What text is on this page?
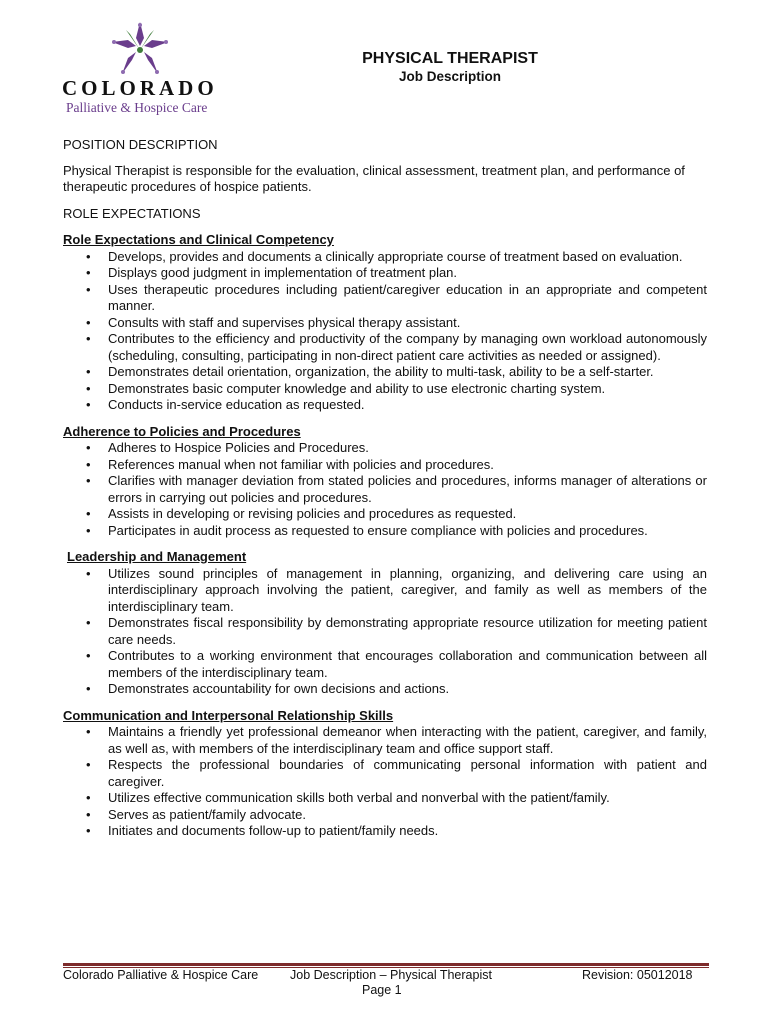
COLORADO
Palliative & Hospice Care
PHYSICAL THERAPIST
Job Description

POSITION DESCRIPTION

Physical Therapist is responsible for the evaluation, clinical assessment, treatment plan, and performance of therapeutic procedures of hospice patients.

ROLE EXPECTATIONS

Role Expectations and Clinical Competency

• Develops, provides and documents a clinically appropriate course of treatment based on evaluation.
• Displays good judgment in implementation of treatment plan.
• Uses therapeutic procedures including patient/caregiver education in an appropriate and competent manner.
• Consults with staff and supervises physical therapy assistant.
• Contributes to the efficiency and productivity of the company by managing own workload autonomously (scheduling, consulting, participating in non-direct patient care activities as needed or assigned).
• Demonstrates detail orientation, organization, the ability to multi-task, ability to be a self-starter.
• Demonstrates basic computer knowledge and ability to use electronic charting system.
• Conducts in-service education as requested.

Adherence to Policies and Procedures

• Adheres to Hospice Policies and Procedures.
• References manual when not familiar with policies and procedures.
• Clarifies with manager deviation from stated policies and procedures, informs manager of alterations or errors in carrying out policies and procedures.
• Assists in developing or revising policies and procedures as requested.
• Participates in audit process as requested to ensure compliance with policies and procedures.

Leadership and Management

• Utilizes sound principles of management in planning, organizing, and delivering care using an interdisciplinary approach involving the patient, caregiver, and family as well as members of the interdisciplinary team.
• Demonstrates fiscal responsibility by demonstrating appropriate resource utilization for meeting patient care needs.
• Contributes to a working environment that encourages collaboration and communication between all members of the interdisciplinary team.
• Demonstrates accountability for own decisions and actions.

Communication and Interpersonal Relationship Skills

• Maintains a friendly yet professional demeanor when interacting with the patient, caregiver, and family, as well as, with members of the interdisciplinary team and office support staff.
• Respects the professional boundaries of communicating personal information with patient and caregiver.
• Utilizes effective communication skills both verbal and nonverbal with the patient/family.
• Serves as patient/family advocate.
• Initiates and documents follow-up to patient/family needs.
Colorado Palliative & Hospice Care	Job Description – Physical Therapist
Page 1
Revision: 05012018
